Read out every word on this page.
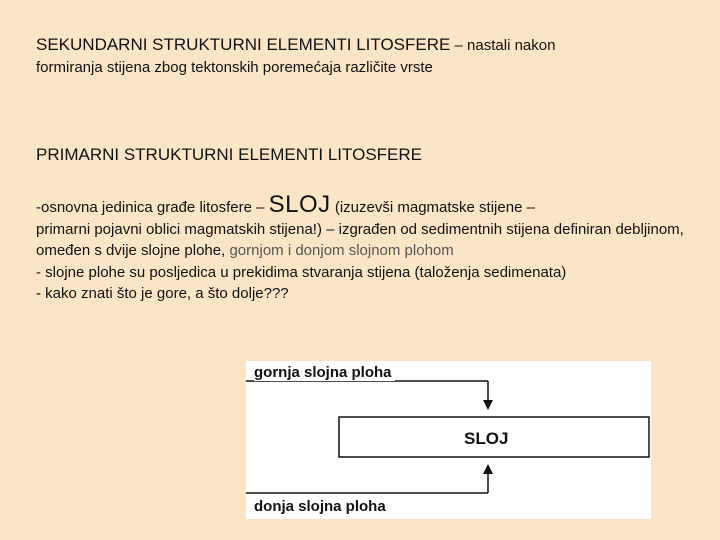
SEKUNDARNI STRUKTURNI ELEMENTI LITOSFERE – nastali nakon
formiranja stijena zbog tektonskih poremećaja različite vrste
PRIMARNI STRUKTURNI ELEMENTI LITOSFERE
-osnovna jedinica građe litosfere – SLOJ (izuzevši magmatske stijene –
primarni pojavni oblici magmatskih stijena!) – izgrađen od sedimentnih stijena definiran debljinom, omeđen s dvije slojne plohe, gornjom i donjom slojnom plohom
- slojne plohe su posljedica u prekidima stvaranja stijena (taloženja sedimenata)
- kako znati što je gore, a što dolje???
gornja slojna ploha
SLOJ
donja slojna ploha
